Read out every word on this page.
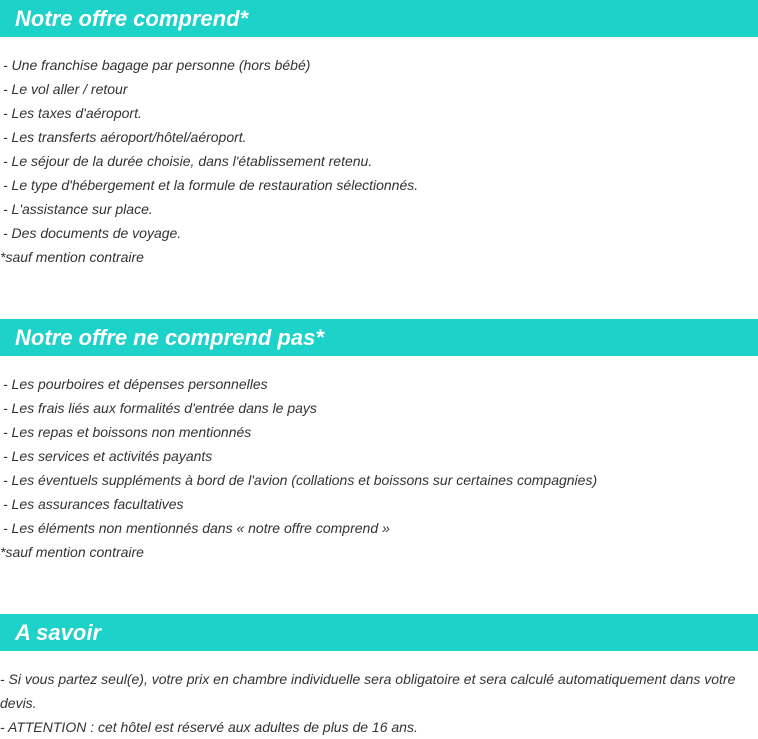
Notre offre comprend*
- Une franchise bagage par personne (hors bébé)
- Le vol aller / retour
- Les taxes d'aéroport.
- Les transferts aéroport/hôtel/aéroport.
- Le séjour de la durée choisie, dans l'établissement retenu.
- Le type d'hébergement et la formule de restauration sélectionnés.
- L'assistance sur place.
- Des documents de voyage.
*sauf mention contraire
Notre offre ne comprend pas*
- Les pourboires et dépenses personnelles
- Les frais liés aux formalités d'entrée dans le pays
- Les repas et boissons non mentionnés
- Les services et activités payants
- Les éventuels suppléments à bord de l'avion (collations et boissons sur certaines compagnies)
- Les assurances facultatives
- Les éléments non mentionnés dans « notre offre comprend »
*sauf mention contraire
A savoir

- Si vous partez seul(e), votre prix en chambre individuelle sera obligatoire et sera calculé automatiquement dans votre devis.

- ATTENTION : cet hôtel est réservé aux adultes de plus de 16 ans.
